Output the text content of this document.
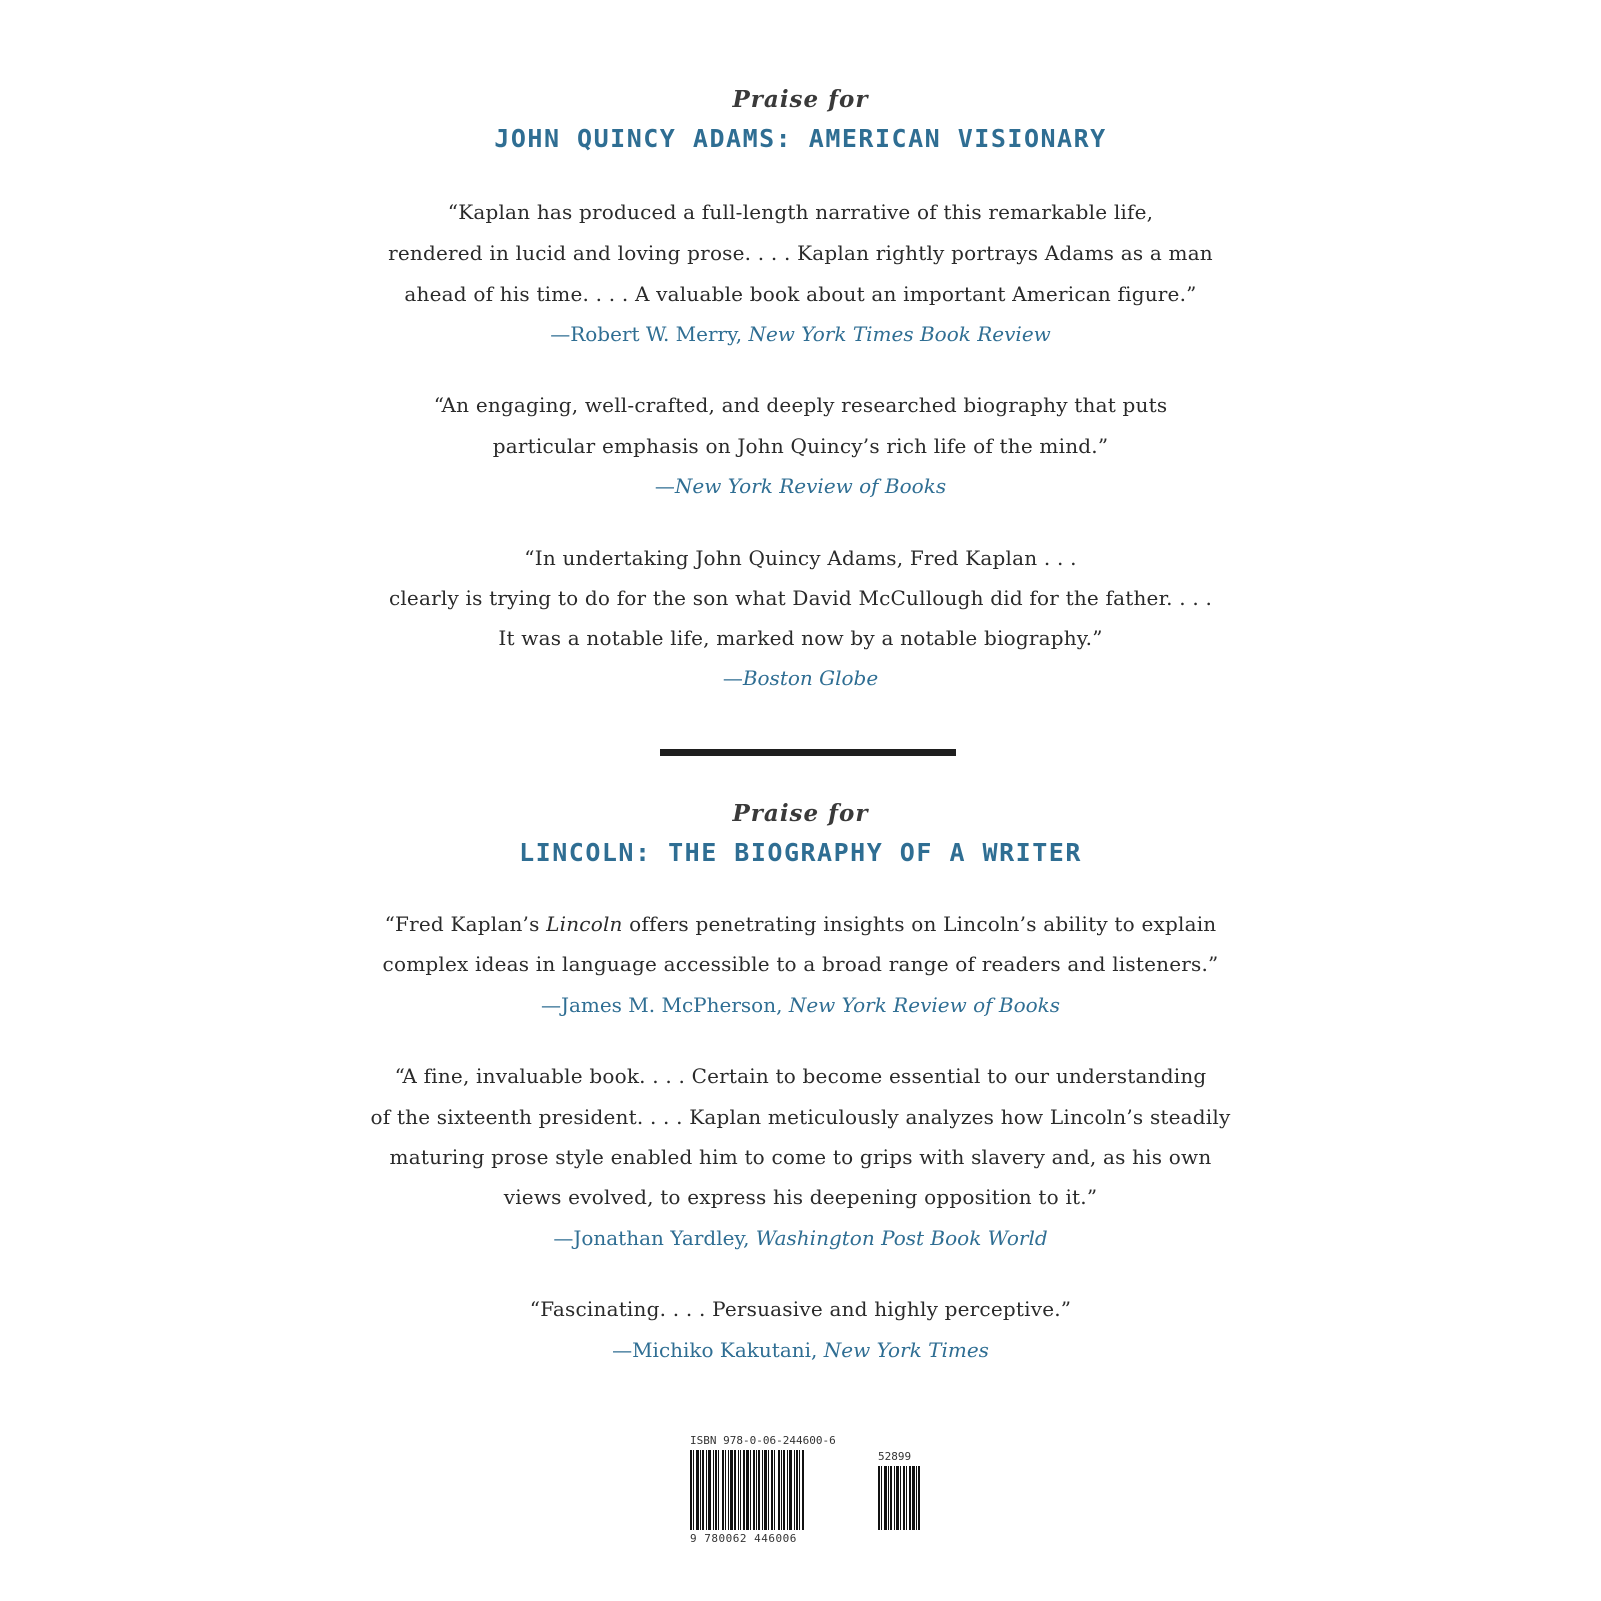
Praise for
JOHN QUINCY ADAMS: AMERICAN VISIONARY
“Kaplan has produced a full-length narrative of this remarkable life,
rendered in lucid and loving prose. . . . Kaplan rightly portrays Adams as a man
ahead of his time. . . . A valuable book about an important American figure.”
—Robert W. Merry, New York Times Book Review
“An engaging, well-crafted, and deeply researched biography that puts
particular emphasis on John Quincy’s rich life of the mind.”
—New York Review of Books
“In undertaking John Quincy Adams, Fred Kaplan . . .
clearly is trying to do for the son what David McCullough did for the father. . . .
It was a notable life, marked now by a notable biography.”
—Boston Globe
Praise for
LINCOLN: THE BIOGRAPHY OF A WRITER
“Fred Kaplan’s Lincoln offers penetrating insights on Lincoln’s ability to explain
complex ideas in language accessible to a broad range of readers and listeners.”
—James M. McPherson, New York Review of Books
“A fine, invaluable book. . . . Certain to become essential to our understanding
of the sixteenth president. . . . Kaplan meticulously analyzes how Lincoln’s steadily
maturing prose style enabled him to come to grips with slavery and, as his own
views evolved, to express his deepening opposition to it.”
—Jonathan Yardley, Washington Post Book World
“Fascinating. . . . Persuasive and highly perceptive.”
—Michiko Kakutani, New York Times
ISBN 978-0-06-244600-6
52899
9 780062 446006
